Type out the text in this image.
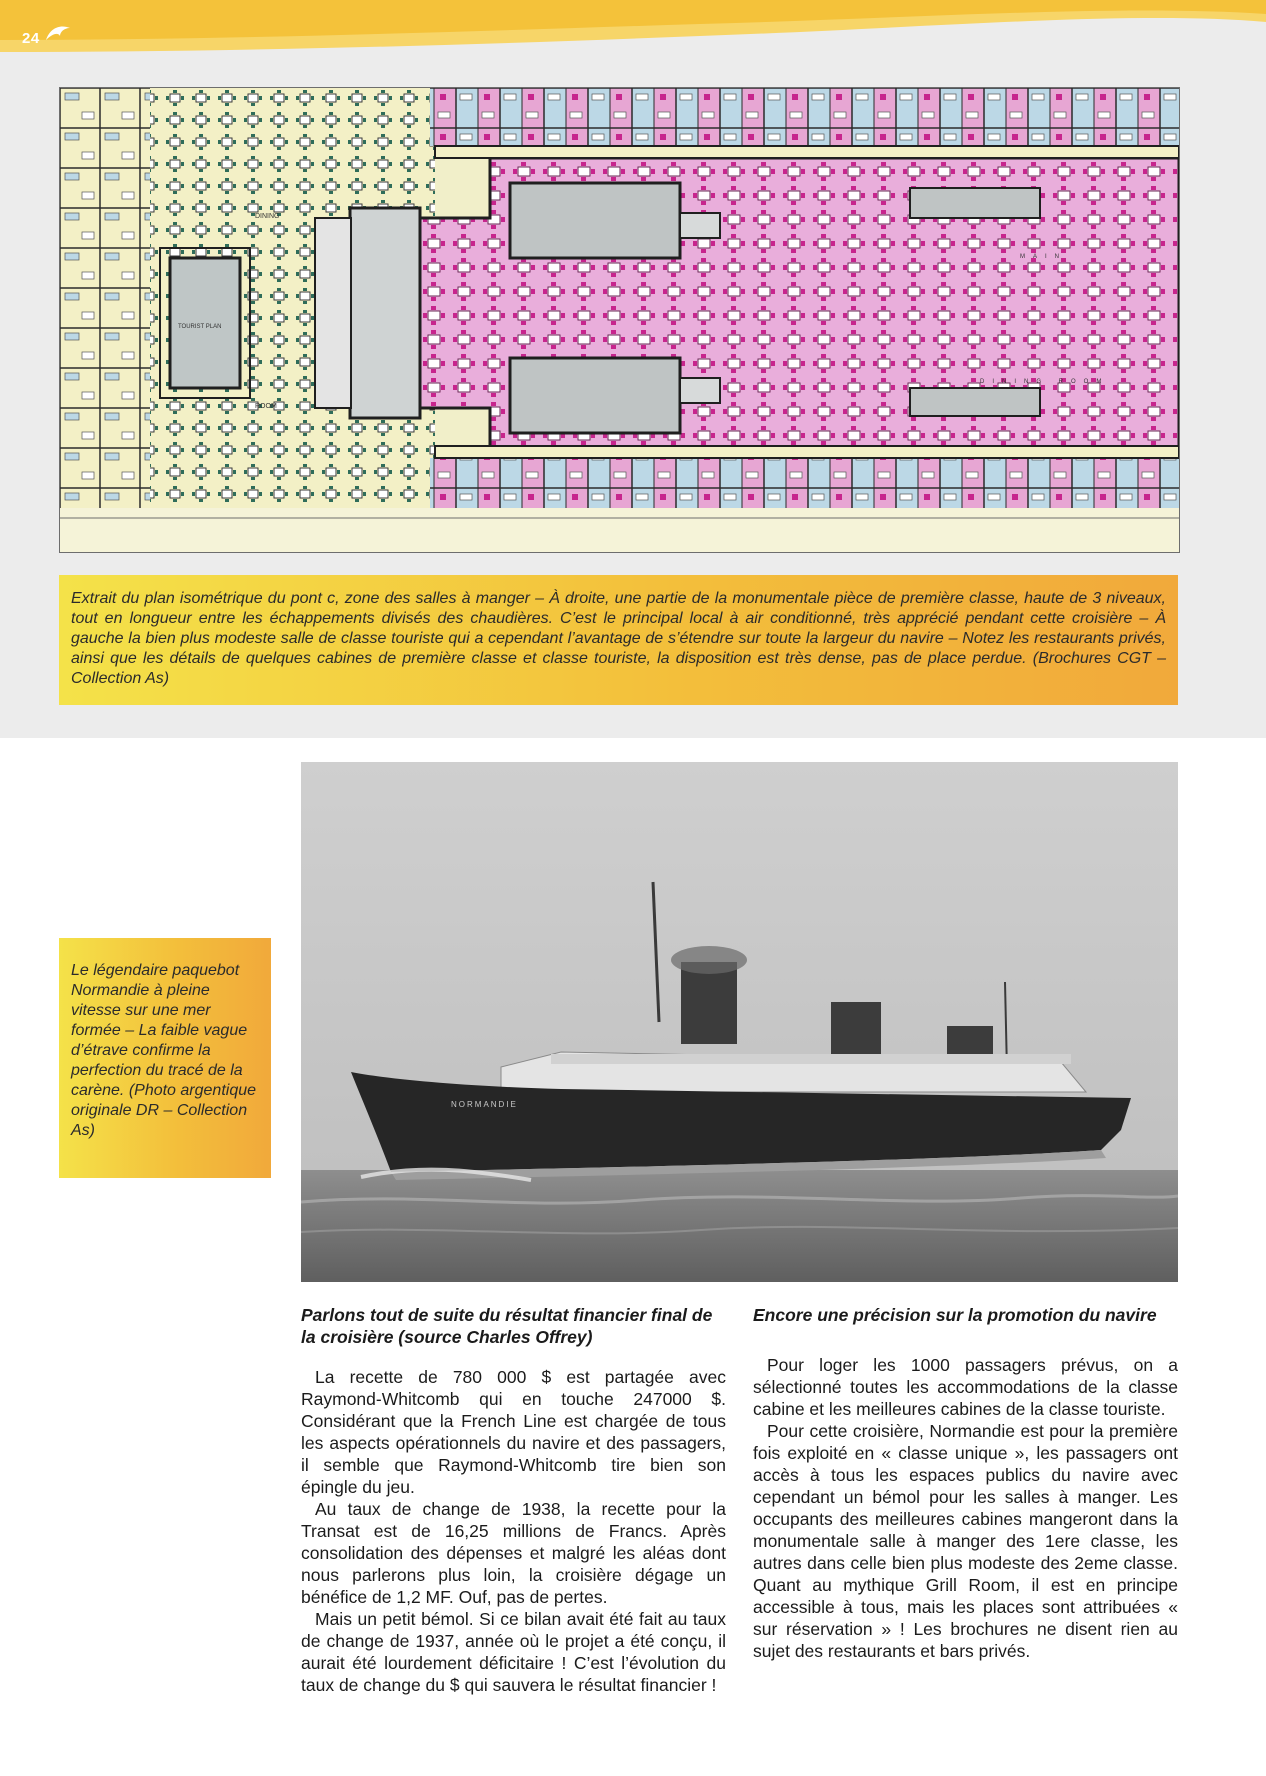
24
TOURIST PLAN
DINING
ROOM
MAIN
DINING ROOM
Extrait du plan isométrique du pont c, zone des salles à manger – À droite, une partie de la monumentale pièce de première classe, haute de 3 niveaux, tout en longueur entre les échappements divisés des chaudières. C’est le principal local à air conditionné, très apprécié pendant cette croisière – À gauche la bien plus modeste salle de classe touriste qui a cependant l’avantage de s’étendre sur toute la largeur du navire – Notez les restaurants privés, ainsi que les détails de quelques cabines de première classe et classe touriste, la disposition est très dense, pas de place perdue. (Brochures CGT – Collection As)
Le légendaire paquebot Normandie à pleine vitesse sur une mer formée – La faible vague d’étrave confirme la perfection du tracé de la carène. (Photo argentique originale DR – Collection As)
NORMANDIE
Parlons tout de suite du résultat financier final de la croisière (source Charles Offrey)

La recette de 780 000 $ est partagée avec Raymond-Whitcomb qui en touche 247000 $. Considérant que la French Line est chargée de tous les aspects opérationnels du navire et des passagers, il semble que Raymond-Whitcomb tire bien son épingle du jeu.

Au taux de change de 1938, la recette pour la Transat est de 16,25 millions de Francs. Après consolidation des dépenses et malgré les aléas dont nous parlerons plus loin, la croisière dégage un bénéfice de 1,2 MF. Ouf, pas de pertes.

Mais un petit bémol. Si ce bilan avait été fait au taux de change de 1937, année où le projet a été conçu, il aurait été lourdement déficitaire ! C’est l’évolution du taux de change du $ qui sauvera le résultat financier !

Encore une précision sur la promotion du navire

Pour loger les 1000 passagers prévus, on a sélectionné toutes les accommodations de la classe cabine et les meilleures cabines de la classe touriste.

Pour cette croisière, Normandie est pour la première fois exploité en « classe unique », les passagers ont accès à tous les espaces publics du navire avec cependant un bémol pour les salles à manger. Les occupants des meilleures cabines mangeront dans la monumentale salle à manger des 1ere classe, les autres dans celle bien plus modeste des 2eme classe. Quant au mythique Grill Room, il est en principe accessible à tous, mais les places sont attribuées « sur réservation » ! Les brochures ne disent rien au sujet des restaurants et bars privés.
